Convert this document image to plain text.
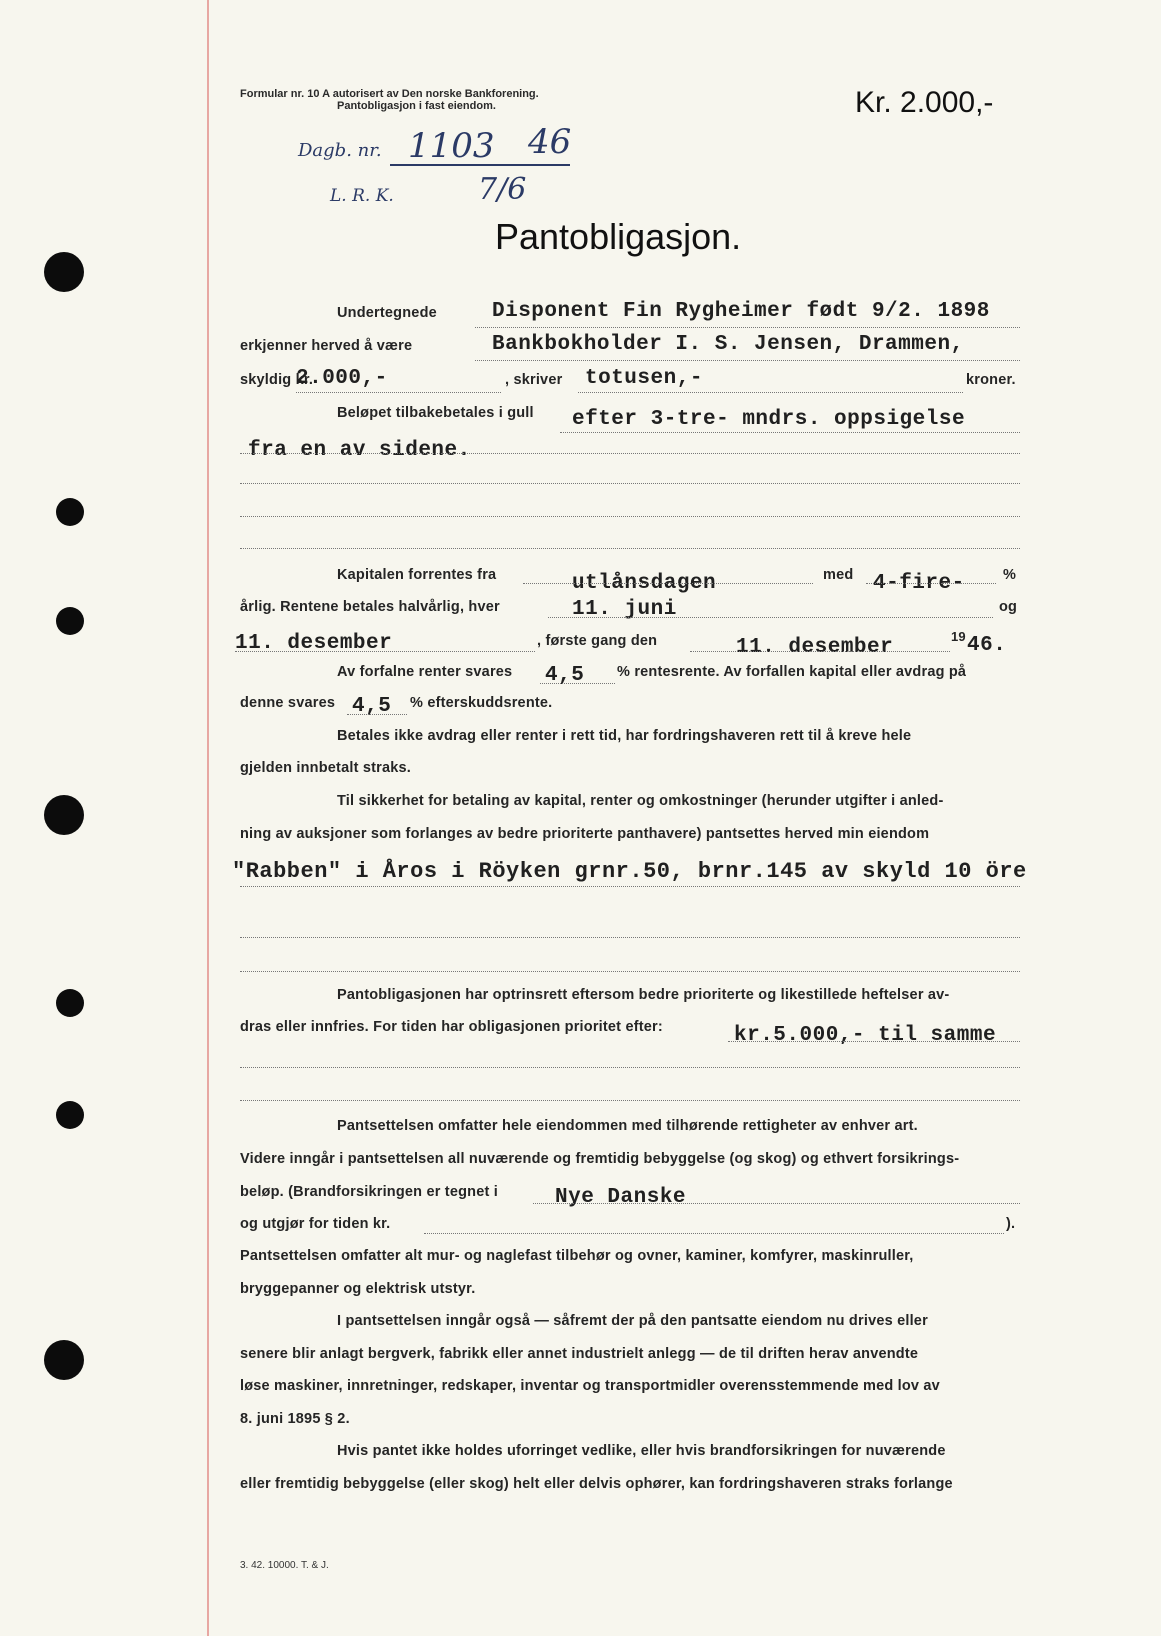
Formular nr. 10 A autorisert av Den norske Bankforening.
Pantobligasjon i fast eiendom.	Kr. 2.000,-
Dagb. nr. 1103 46
L. R. K.	7/6
Pantobligasjon.
Undertegnede	Disponent Fin Rygheimer født 9/2. 1898
erkjenner herved å være	Bankbokholder I. S. Jensen, Drammen,
skyldig kr.
2.000,-	, skriver totusen,-	kroner.
Beløpet tilbakebetales i gull efter 3-tre- mndrs. oppsigelse
fra en av sidene.
Kapitalen forrentes fra	utlånsdagen	med 4-fire-	%
årlig. Rentene betales halvårlig, hver	11. juni	og
11. desember	, første gang den	11. desember	19 46.
Av forfalne renter svares 4,5 % rentesrente. Av forfallen kapital eller avdrag på
denne svares 4,5 % efterskuddsrente.
Betales ikke avdrag eller renter i rett tid, har fordringshaveren rett til å kreve hele
gjelden innbetalt straks.
Til sikkerhet for betaling av kapital, renter og omkostninger (herunder utgifter i anled-
ning av auksjoner som forlanges av bedre prioriterte panthavere) pantsettes herved min eiendom
"Rabben" i Åros i Röyken grnr.50, brnr.145 av skyld 10 öre
Pantobligasjonen har optrinsrett eftersom bedre prioriterte og likestillede heftelser av-
dras eller innfries. For tiden har obligasjonen prioritet efter:	kr.5.000,- til samme
Pantsettelsen omfatter hele eiendommen med tilhørende rettigheter av enhver art.
Videre inngår i pantsettelsen all nuværende og fremtidig bebyggelse (og skog) og ethvert forsikrings-
beløp. (Brandforsikringen er tegnet i	Nye Danske
og utgjør for tiden kr.	).
Pantsettelsen omfatter alt mur- og naglefast tilbehør og ovner, kaminer, komfyrer, maskinruller,
bryggepanner og elektrisk utstyr.
I pantsettelsen inngår også — såfremt der på den pantsatte eiendom nu drives eller
senere blir anlagt bergverk, fabrikk eller annet industrielt anlegg — de til driften herav anvendte
løse maskiner, innretninger, redskaper, inventar og transportmidler overensstemmende med lov av
8. juni 1895 § 2.
Hvis pantet ikke holdes uforringet vedlike, eller hvis brandforsikringen for nuværende
eller fremtidig bebyggelse (eller skog) helt eller delvis ophører, kan fordringshaveren straks forlange
3. 42. 10000. T. & J.
